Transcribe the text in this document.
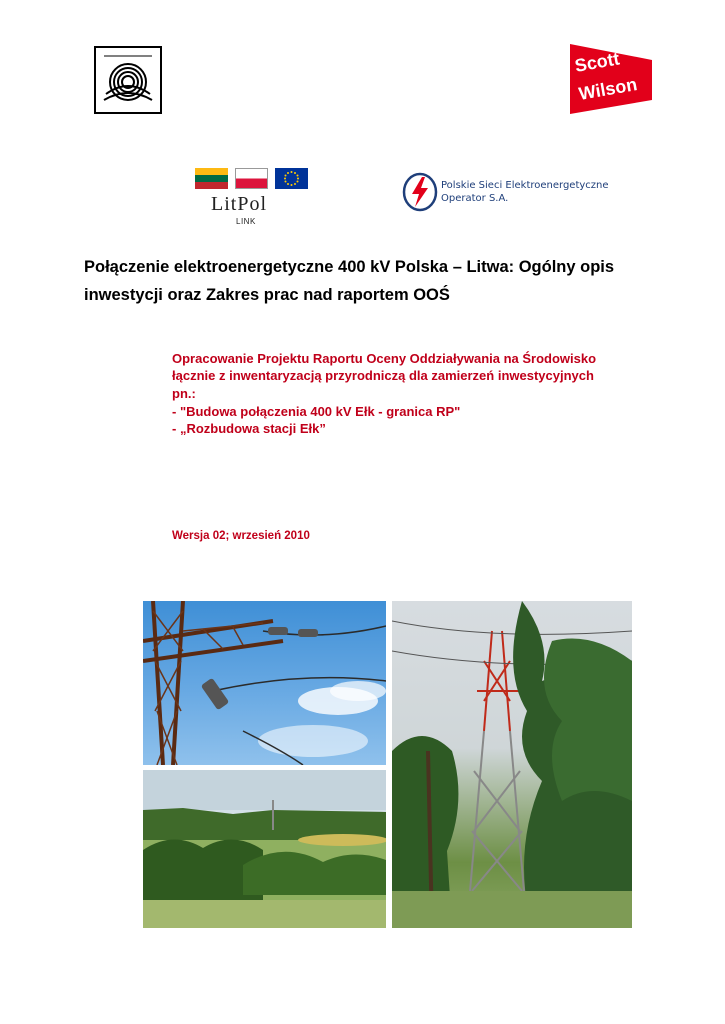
Scott
Wilson
LitPol
LINK
Polskie Sieci Elektroenergetyczne
Operator S.A.
Połączenie elektroenergetyczne 400 kV Polska – Litwa: Ogólny opis
inwestycji oraz Zakres prac nad raportem OOŚ
Opracowanie Projektu Raportu Oceny Oddziaływania na Środowisko
łącznie z inwentaryzacją przyrodniczą dla zamierzeń inwestycyjnych
pn.:
- "Budowa połączenia 400 kV Ełk - granica RP"
- „Rozbudowa stacji Ełk”
Wersja 02; wrzesień 2010
